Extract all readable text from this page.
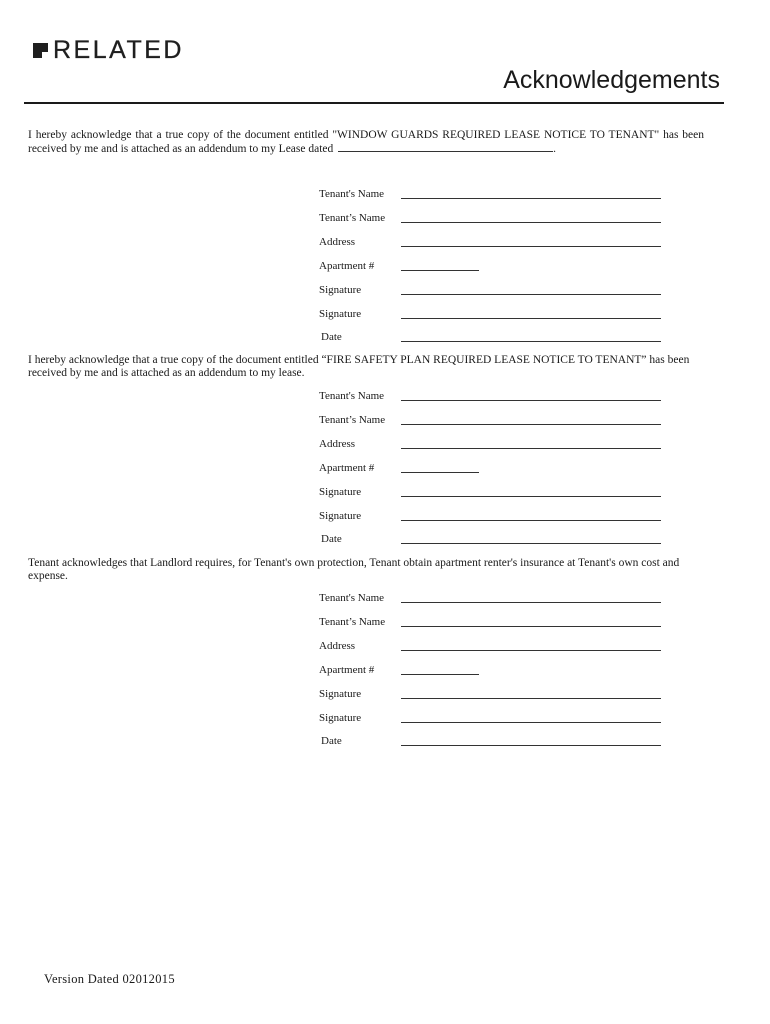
RELATED
Acknowledgements

I hereby acknowledge that a true copy of the document entitled "WINDOW GUARDS REQUIRED LEASE NOTICE TO TENANT" has been received by me and is attached as an addendum to my Lease dated	.

Tenant's Name
Tenant’s Name
Address
Apartment #
Signature
Signature
Date

I hereby acknowledge that a true copy of the document entitled “FIRE SAFETY PLAN REQUIRED LEASE NOTICE TO TENANT” has been received by me and is attached as an addendum to my lease.

Tenant's Name
Tenant’s Name
Address
Apartment #
Signature
Signature
Date

Tenant acknowledges that Landlord requires, for Tenant's own protection, Tenant obtain apartment renter's insurance at Tenant's own cost and expense.

Tenant's Name
Tenant’s Name
Address
Apartment #
Signature
Signature
Date
Version Dated 02012015
